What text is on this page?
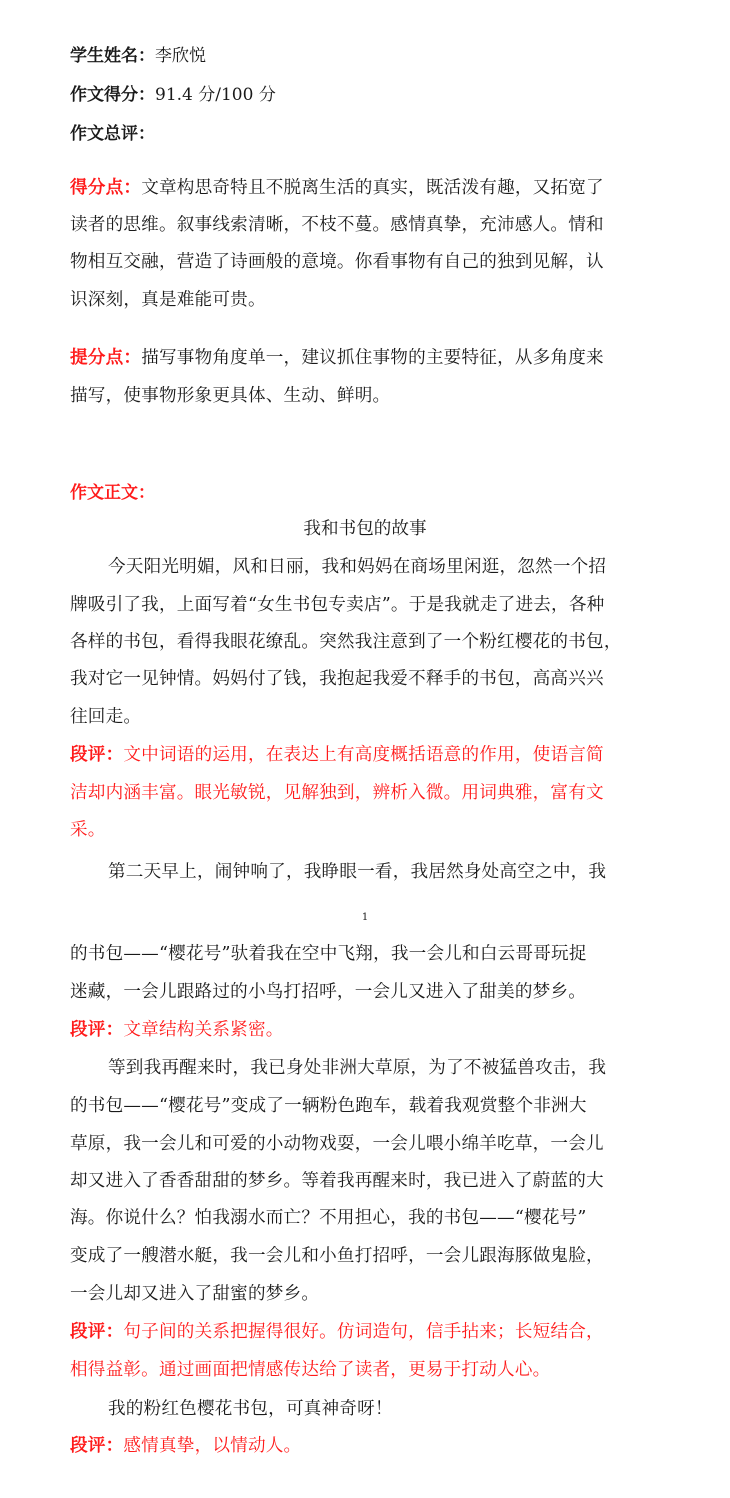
学生姓名：李欣悦
作文得分：91.4 分/100 分
作文总评：
得分点：文章构思奇特且不脱离生活的真实，既活泼有趣，又拓宽了
读者的思维。叙事线索清晰，不枝不蔓。感情真挚，充沛感人。情和
物相互交融，营造了诗画般的意境。你看事物有自己的独到见解，认
识深刻，真是难能可贵。
提分点：描写事物角度单一，建议抓住事物的主要特征，从多角度来
描写，使事物形象更具体、生动、鲜明。
作文正文：
我和书包的故事
今天阳光明媚，风和日丽，我和妈妈在商场里闲逛，忽然一个招
牌吸引了我，上面写着“女生书包专卖店”。于是我就走了进去，各种
各样的书包，看得我眼花缭乱。突然我注意到了一个粉红樱花的书包，
我对它一见钟情。妈妈付了钱，我抱起我爱不释手的书包，高高兴兴
往回走。
段评：文中词语的运用，在表达上有高度概括语意的作用，使语言简
洁却内涵丰富。眼光敏锐，见解独到，辨析入微。用词典雅，富有文
采。
第二天早上，闹钟响了，我睁眼一看，我居然身处高空之中，我
1
的书包——“樱花号”驮着我在空中飞翔，我一会儿和白云哥哥玩捉
迷藏，一会儿跟路过的小鸟打招呼，一会儿又进入了甜美的梦乡。
段评：文章结构关系紧密。
等到我再醒来时，我已身处非洲大草原，为了不被猛兽攻击，我
的书包——“樱花号”变成了一辆粉色跑车，载着我观赏整个非洲大
草原，我一会儿和可爱的小动物戏耍，一会儿喂小绵羊吃草，一会儿
却又进入了香香甜甜的梦乡。等着我再醒来时，我已进入了蔚蓝的大
海。你说什么？怕我溺水而亡？不用担心，我的书包——“樱花号”
变成了一艘潜水艇，我一会儿和小鱼打招呼，一会儿跟海豚做鬼脸，
一会儿却又进入了甜蜜的梦乡。
段评：句子间的关系把握得很好。仿词造句，信手拈来；长短结合，
相得益彰。通过画面把情感传达给了读者，更易于打动人心。
我的粉红色樱花书包，可真神奇呀！
段评：感情真挚，以情动人。
